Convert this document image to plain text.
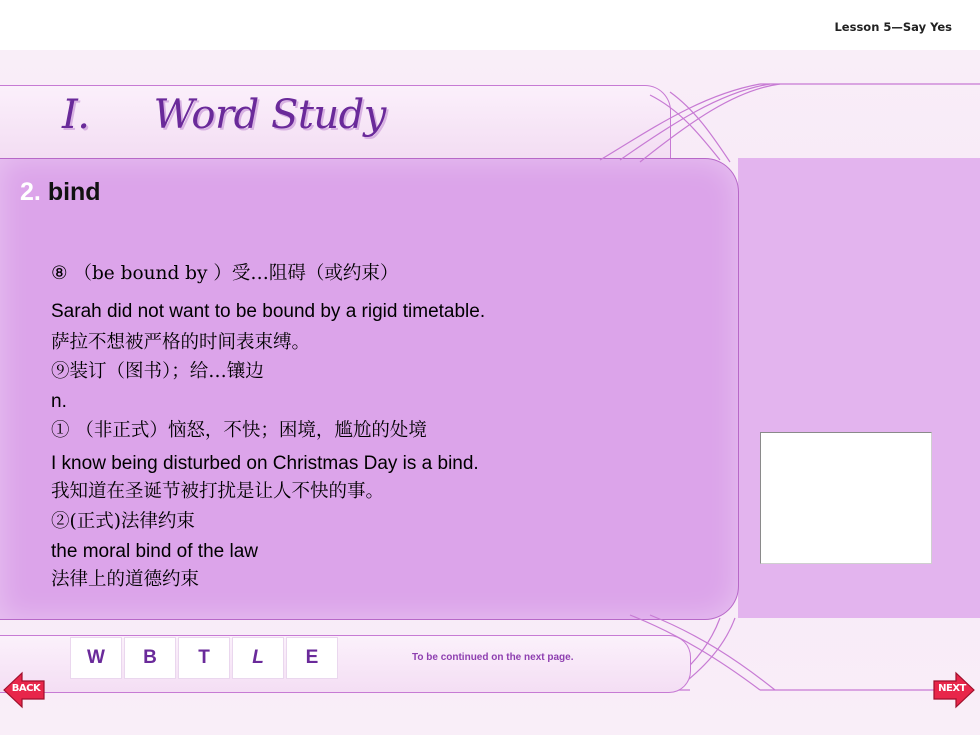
Lesson 5—Say Yes
I. Word Study
2. bind
⑧ （be bound by ）受…阻碍（或约束）
Sarah did not want to be bound by a rigid timetable.
萨拉不想被严格的时间表束缚。
⑨装订（图书）；给…镶边
n.
① （非正式）恼怒，不快；困境，尴尬的处境
I know being disturbed on Christmas Day is a bind.
我知道在圣诞节被打扰是让人不快的事。
②(正式)法律约束
the moral bind of the law
法律上的道德约束
W	B	T	L	E	To be continued on the next page.
BACK	NEXT
